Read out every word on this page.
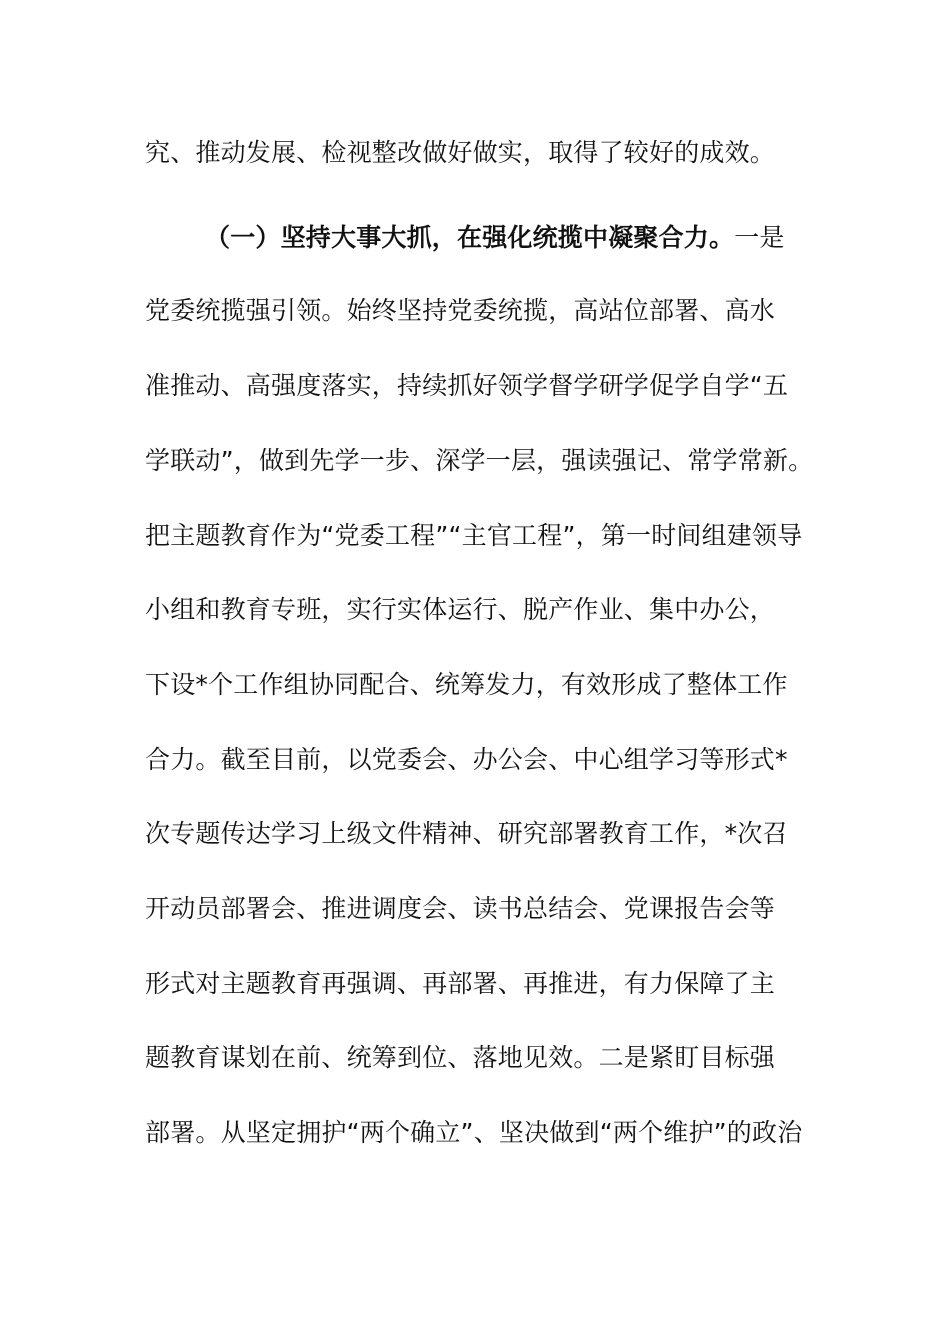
究、推动发展、检视整改做好做实，取得了较好的成效。
（一）坚持大事大抓，在强化统揽中凝聚合力。一是
党委统揽强引领。始终坚持党委统揽，高站位部署、高水
准推动、高强度落实，持续抓好领学督学研学促学自学“五
学联动”，做到先学一步、深学一层，强读强记、常学常新。
把主题教育作为“党委工程”“主官工程”，第一时间组建领导
小组和教育专班，实行实体运行、脱产作业、集中办公，
下设*个工作组协同配合、统筹发力，有效形成了整体工作
合力。截至目前，以党委会、办公会、中心组学习等形式*
次专题传达学习上级文件精神、研究部署教育工作，*次召
开动员部署会、推进调度会、读书总结会、党课报告会等
形式对主题教育再强调、再部署、再推进，有力保障了主
题教育谋划在前、统筹到位、落地见效。二是紧盯目标强
部署。从坚定拥护“两个确立”、坚决做到“两个维护”的政治
